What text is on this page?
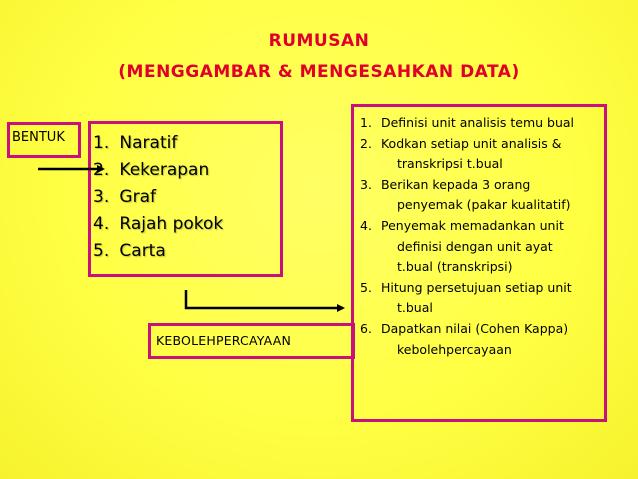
RUMUSAN
(MENGGAMBAR & MENGESAHKAN DATA)
BENTUK 1. Naratif
2. Kekerapan
3. Graf
4. Rajah pokok
5. Carta
KEBOLEHPERCAYAAN
1. Definisi unit analisis temu bual
2. Kodkan setiap unit analisis &
transkripsi t.bual
3. Berikan kepada 3 orang
penyemak (pakar kualitatif)
4. Penyemak memadankan unit
definisi dengan unit ayat
t.bual (transkripsi)
5. Hitung persetujuan setiap unit
t.bual
6. Dapatkan nilai (Cohen Kappa)
kebolehpercayaan
